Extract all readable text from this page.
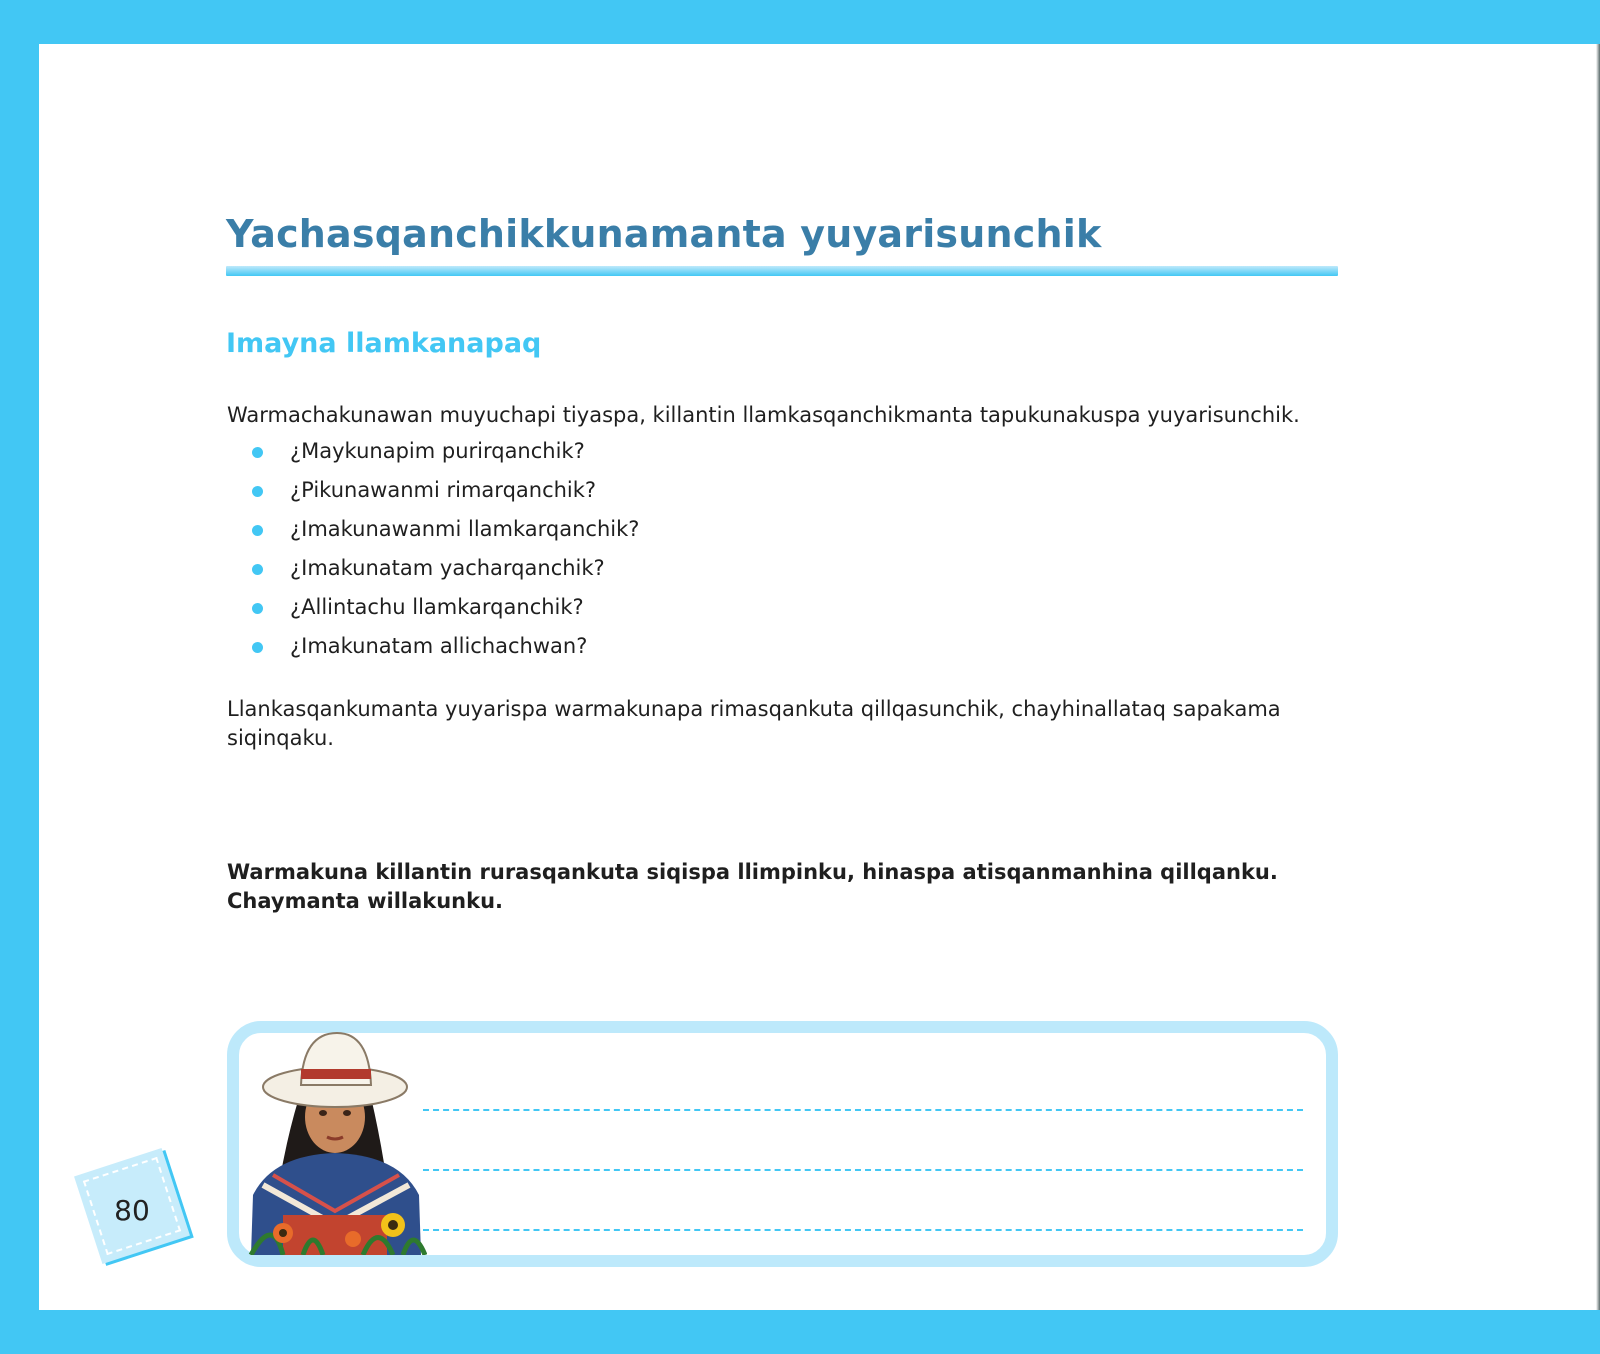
Yachasqanchikkunamanta yuyarisunchik
Imayna llamkanapaq

Warmachakunawan muyuchapi tiyaspa, killantin llamkasqanchikmanta tapukunakuspa yuyarisunchik.

¿Maykunapim purirqanchik?
¿Pikunawanmi rimarqanchik?
¿Imakunawanmi llamkarqanchik?
¿Imakunatam yacharqanchik?
¿Allintachu llamkarqanchik?
¿Imakunatam allichachwan?

Llankasqankumanta yuyarispa warmakunapa rimasqankuta qillqasunchik, chayhinallataq sapakama siqinqaku.

Warmakuna killantin rurasqankuta siqispa llimpinku, hinaspa atisqanmanhina qillqanku. Chaymanta willakunku.

80
